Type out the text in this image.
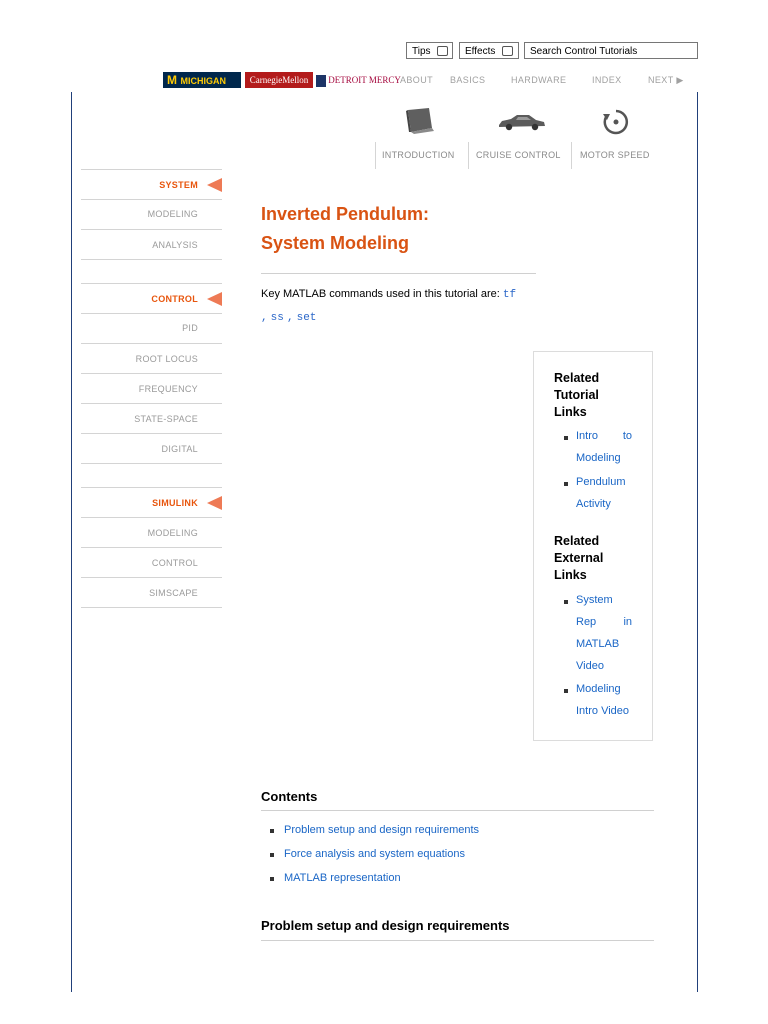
Tips	Effects	Search Control Tutorials
M MICHIGAN	CarnegieMellon	DETROIT MERCY ABOUT BASICS	HARDWARE	INDEX	NEXT ▶
INTRODUCTION CRUISE CONTROL MOTOR SPEED
SYSTEM
MODELING
ANALYSIS
CONTROL
PID
ROOT LOCUS
FREQUENCY
STATE-SPACE
DIGITAL
SIMULINK
MODELING
CONTROL
SIMSCAPE
Inverted Pendulum:
System Modeling
Key MATLAB commands used in this tutorial are: tf
, ss , set
Related
Tutorial
Links
Intro to
Modeling
Pendulum
Activity
Related
External
Links
System
Rep in
MATLAB
Video
Modeling
Intro Video
Contents
Problem setup and design requirements
Force analysis and system equations
MATLAB representation
Problem setup and design requirements
